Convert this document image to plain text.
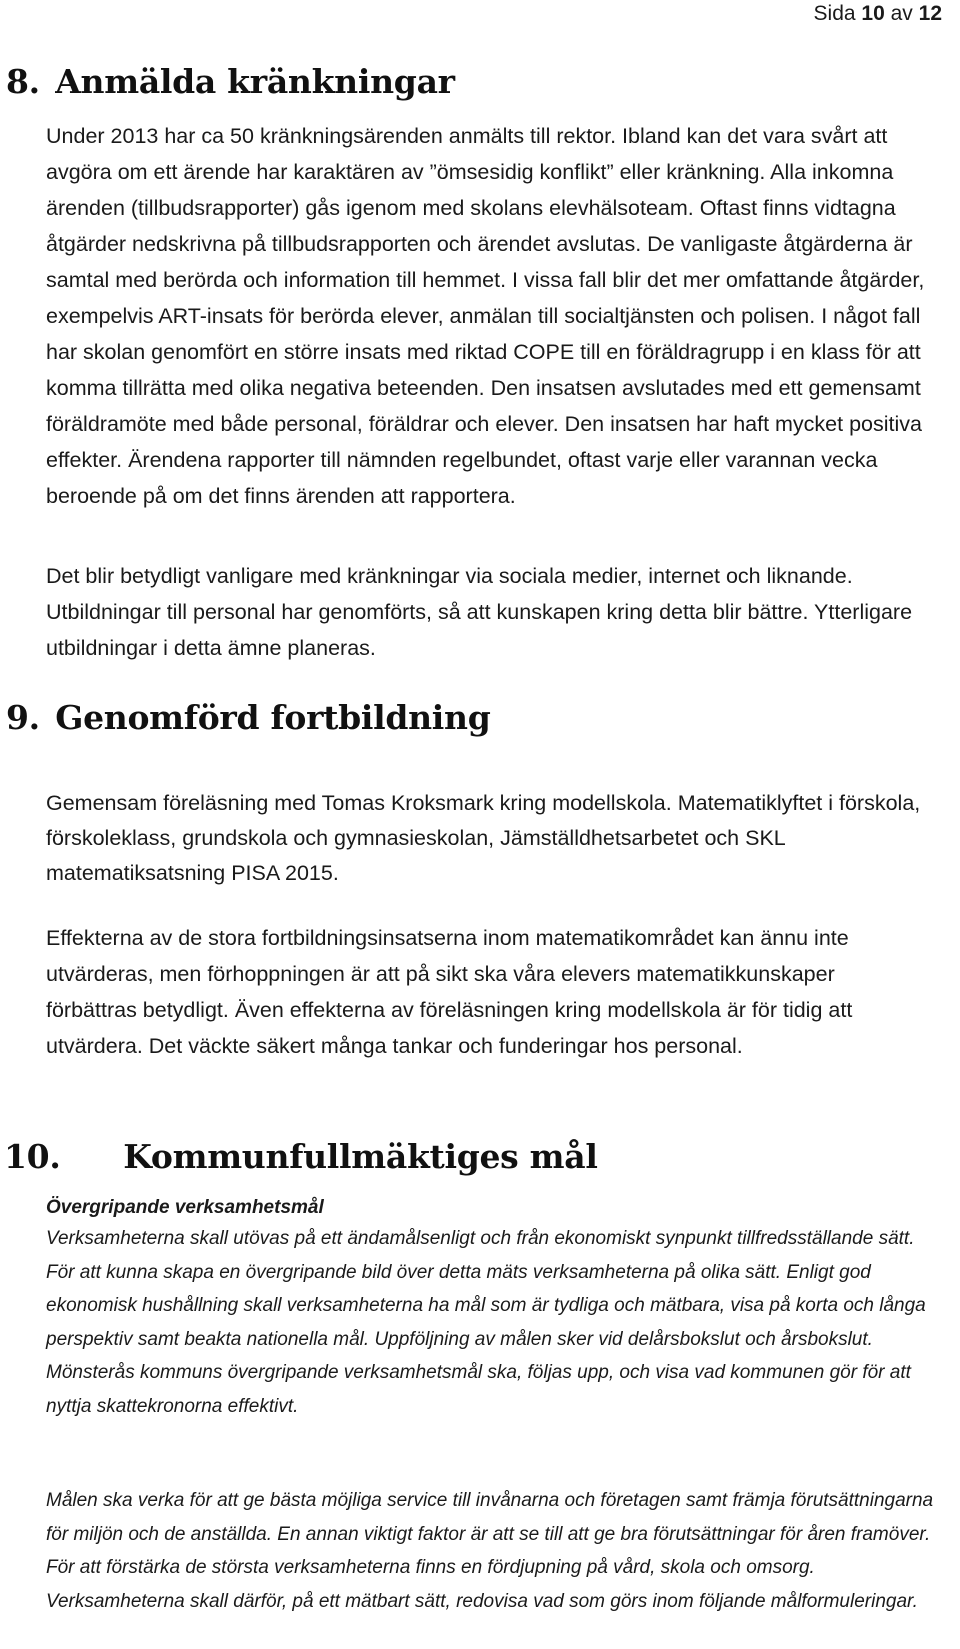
Sida 10 av 12
8. Anmälda kränkningar

Under 2013 har ca 50 kränkningsärenden anmälts till rektor. Ibland kan det vara svårt att avgöra om ett ärende har karaktären av ”ömsesidig konflikt” eller kränkning. Alla inkomna ärenden (tillbudsrapporter) gås igenom med skolans elevhälsoteam. Oftast finns vidtagna åtgärder nedskrivna på tillbudsrapporten och ärendet avslutas. De vanligaste åtgärderna är samtal med berörda och information till hemmet. I vissa fall blir det mer omfattande åtgärder, exempelvis ART-insats för berörda elever, anmälan till socialtjänsten och polisen. I något fall har skolan genomfört en större insats med riktad COPE till en föräldragrupp i en klass för att komma tillrätta med olika negativa beteenden. Den insatsen avslutades med ett gemensamt föräldramöte med både personal, föräldrar och elever. Den insatsen har haft mycket positiva effekter. Ärendena rapporter till nämnden regelbundet, oftast varje eller varannan vecka beroende på om det finns ärenden att rapportera.

Det blir betydligt vanligare med kränkningar via sociala medier, internet och liknande. Utbildningar till personal har genomförts, så att kunskapen kring detta blir bättre. Ytterligare utbildningar i detta ämne planeras.

9. Genomförd fortbildning

Gemensam föreläsning med Tomas Kroksmark kring modellskola. Matematiklyftet i förskola, förskoleklass, grundskola och gymnasieskolan, Jämställdhetsarbetet och SKL matematiksatsning PISA 2015.

Effekterna av de stora fortbildningsinsatserna inom matematikområdet kan ännu inte utvärderas, men förhoppningen är att på sikt ska våra elevers matematikkunskaper förbättras betydligt. Även effekterna av föreläsningen kring modellskola är för tidig att utvärdera. Det väckte säkert många tankar och funderingar hos personal.

10. Kommunfullmäktiges mål
Övergripande verksamhetsmål

Verksamheterna skall utövas på ett ändamålsenligt och från ekonomiskt synpunkt tillfredsställande sätt. För att kunna skapa en övergripande bild över detta mäts verksamheterna på olika sätt. Enligt god ekonomisk hushållning skall verksamheterna ha mål som är tydliga och mätbara, visa på korta och långa perspektiv samt beakta nationella mål. Uppföljning av målen sker vid delårsbokslut och årsbokslut. Mönsterås kommuns övergripande verksamhetsmål ska, följas upp, och visa vad kommunen gör för att nyttja skattekronorna effektivt.

Målen ska verka för att ge bästa möjliga service till invånarna och företagen samt främja förutsättningarna för miljön och de anställda. En annan viktigt faktor är att se till att ge bra förutsättningar för åren framöver. För att förstärka de största verksamheterna finns en fördjupning på vård, skola och omsorg. Verksamheterna skall därför, på ett mätbart sätt, redovisa vad som görs inom följande målformuleringar.
